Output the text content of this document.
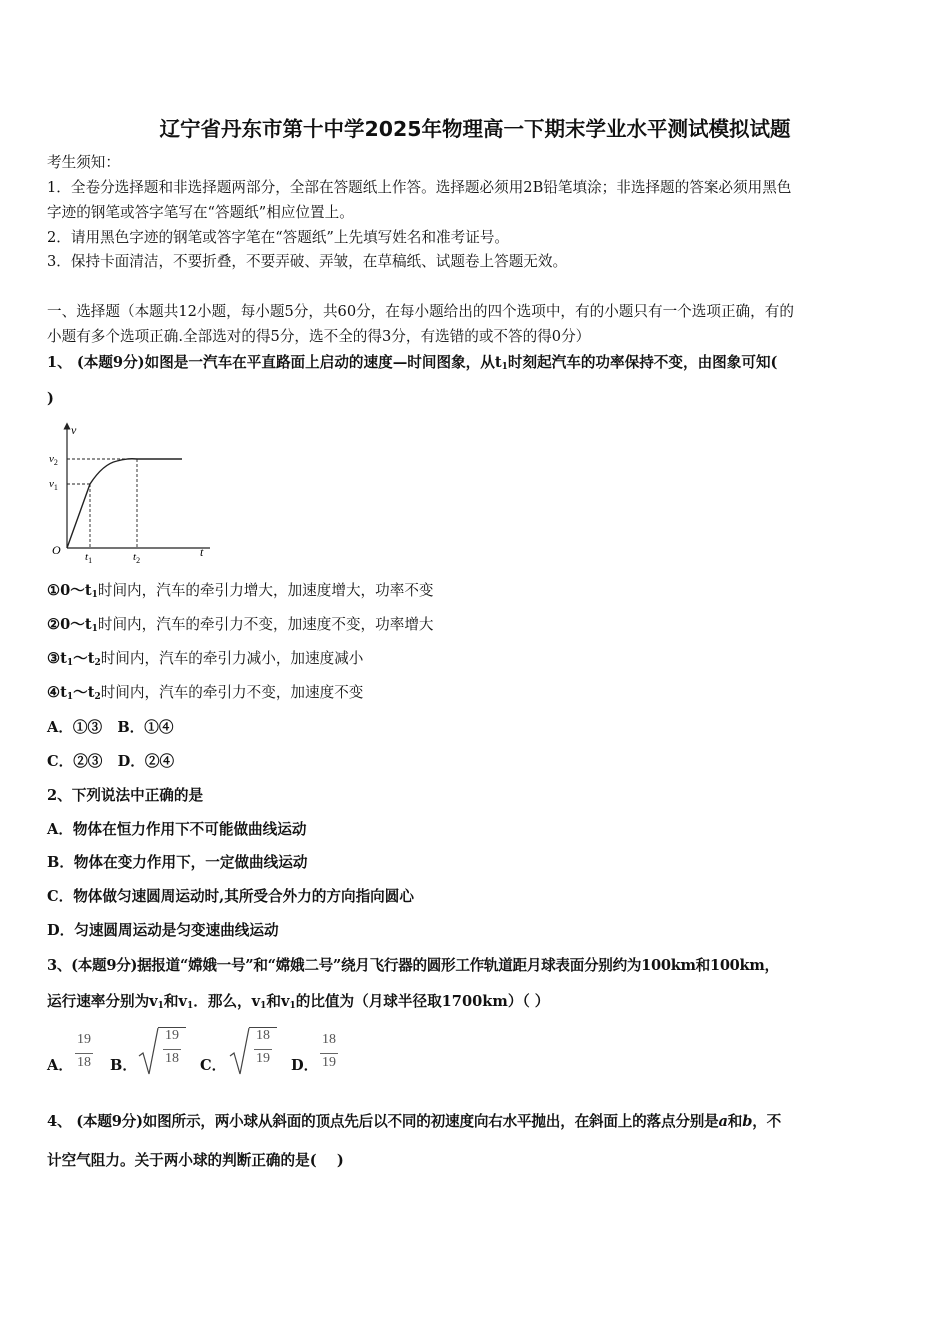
辽宁省丹东市第十中学2025年物理高一下期末学业水平测试模拟试题
考生须知：
1．全卷分选择题和非选择题两部分，全部在答题纸上作答。选择题必须用2B铅笔填涂；非选择题的答案必须用黑色
字迹的钢笔或答字笔写在“答题纸”相应位置上。
2．请用黑色字迹的钢笔或答字笔在“答题纸”上先填写姓名和准考证号。
3．保持卡面清洁，不要折叠，不要弄破、弄皱，在草稿纸、试题卷上答题无效。
一、选择题（本题共12小题，每小题5分，共60分，在每小题给出的四个选项中，有的小题只有一个选项正确，有的
小题有多个选项正确.全部选对的得5分，选不全的得3分，有选错的或不答的得0分）
1、 (本题9分)如图是一汽车在平直路面上启动的速度—时间图象，从$t_1$时刻起汽车的功率保持不变，由图象可知(
)
v
t
O
$v_2$
$v_1$
$t_1$	$t_2$
$①0\sim t_1$时间内，汽车的牵引力增大，加速度增大，功率不变
$②0\sim t_1$时间内，汽车的牵引力不变，加速度不变，功率增大
$③t_1\sim t_2$时间内，汽车的牵引力减小，加速度减小
$④t_1\sim t_2$时间内，汽车的牵引力不变，加速度不变
A．①③   B．①④
C．②③   D．②④
2、下列说法中正确的是
A．物体在恒力作用下不可能做曲线运动
B．物体在变力作用下，一定做曲线运动
C．物体做匀速圆周运动时,其所受合外力的方向指向圆心
D．匀速圆周运动是匀变速曲线运动
3、(本题9分)据报道“嫦娥一号”和“嫦娥二号”绕月飞行器的圆形工作轨道距月球表面分别约为100km和100km，
运行速率分别为$v_1$和$v_1$．那么，$v_1$和$v_1$的比值为（月球半径取1700km）（ ）
A．
19
18 B．
19
18 C．
18
19 D．
18
19
4、 (本题9分)如图所示，两小球从斜面的顶点先后以不同的初速度向右水平抛出，在斜面上的落点分别是a和b，不
计空气阻力。关于两小球的判断正确的是(    )
